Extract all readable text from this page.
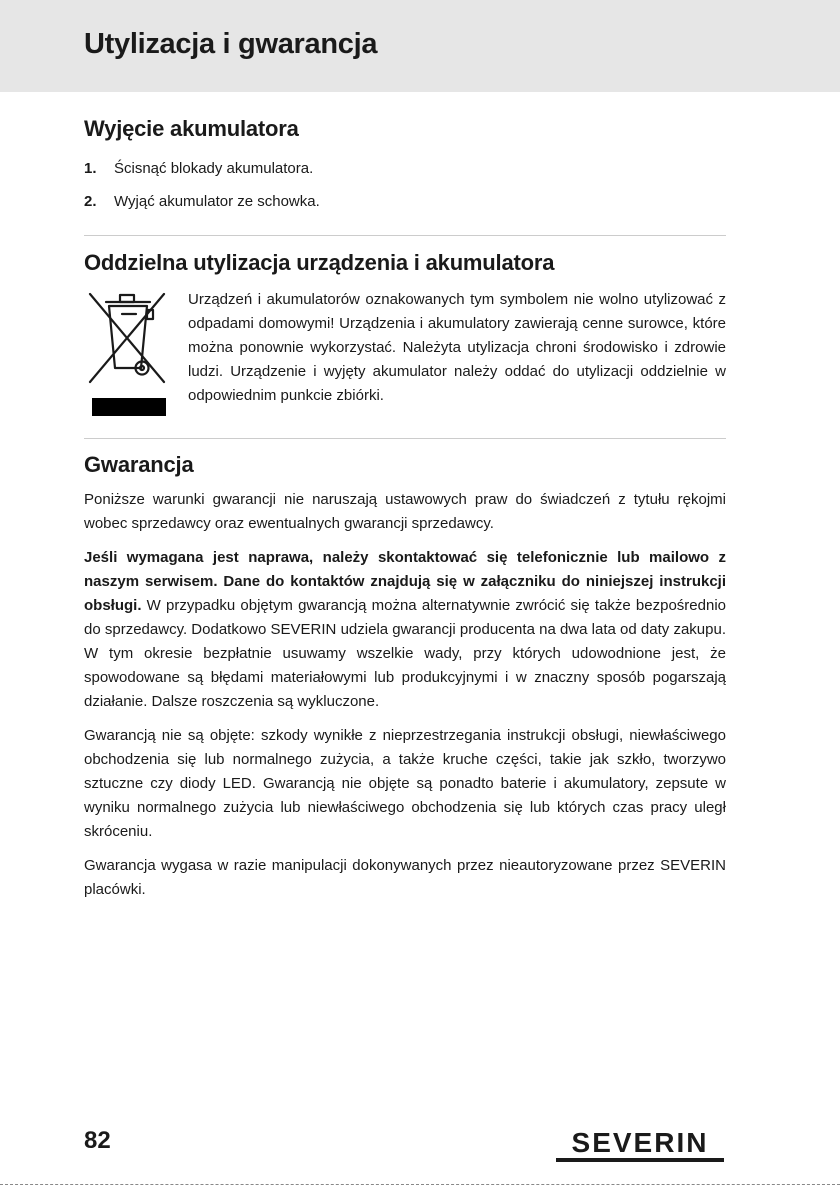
Utylizacja i gwarancja
Wyjęcie akumulatora
1.	Ścisnąć blokady akumulatora.
2.	Wyjąć akumulator ze schowka.
Oddzielna utylizacja urządzenia i akumulatora

Urządzeń i akumulatorów oznakowanych tym symbolem nie wolno utylizować z odpadami domowymi! Urządzenia i akumulatory zawierają cenne surowce, które można ponownie wykorzystać. Należyta utylizacja chroni środowisko i zdrowie ludzi. Urządzenie i wyjęty akumulator należy oddać do utylizacji oddzielnie w odpowiednim punkcie zbiórki.

Gwarancja

Poniższe warunki gwarancji nie naruszają ustawowych praw do świadczeń z tytułu rękojmi wobec sprzedawcy oraz ewentualnych gwarancji sprzedawcy.

Jeśli wymagana jest naprawa, należy skontaktować się telefonicznie lub mailowo z naszym serwisem. Dane do kontaktów znajdują się w załączniku do niniejszej instrukcji obsługi. W przypadku objętym gwarancją można alternatywnie zwrócić się także bezpośrednio do sprzedawcy. Dodatkowo SEVERIN udziela gwarancji producenta na dwa lata od daty zakupu. W tym okresie bezpłatnie usuwamy wszelkie wady, przy których udowodnione jest, że spowodowane są błędami materiałowymi lub produkcyjnymi i w znaczny sposób pogarszają działanie. Dalsze roszczenia są wykluczone.

Gwarancją nie są objęte: szkody wynikłe z nieprzestrzegania instrukcji obsługi, niewłaściwego obchodzenia się lub normalnego zużycia, a także kruche części, takie jak szkło, tworzywo sztuczne czy diody LED. Gwarancją nie objęte są ponadto baterie i akumulatory, zepsute w wyniku normalnego zużycia lub niewłaściwego obchodzenia się lub których czas pracy uległ skróceniu.

Gwarancja wygasa w razie manipulacji dokonywanych przez nieautoryzowane przez SEVERIN placówki.

82	SEVERIN
